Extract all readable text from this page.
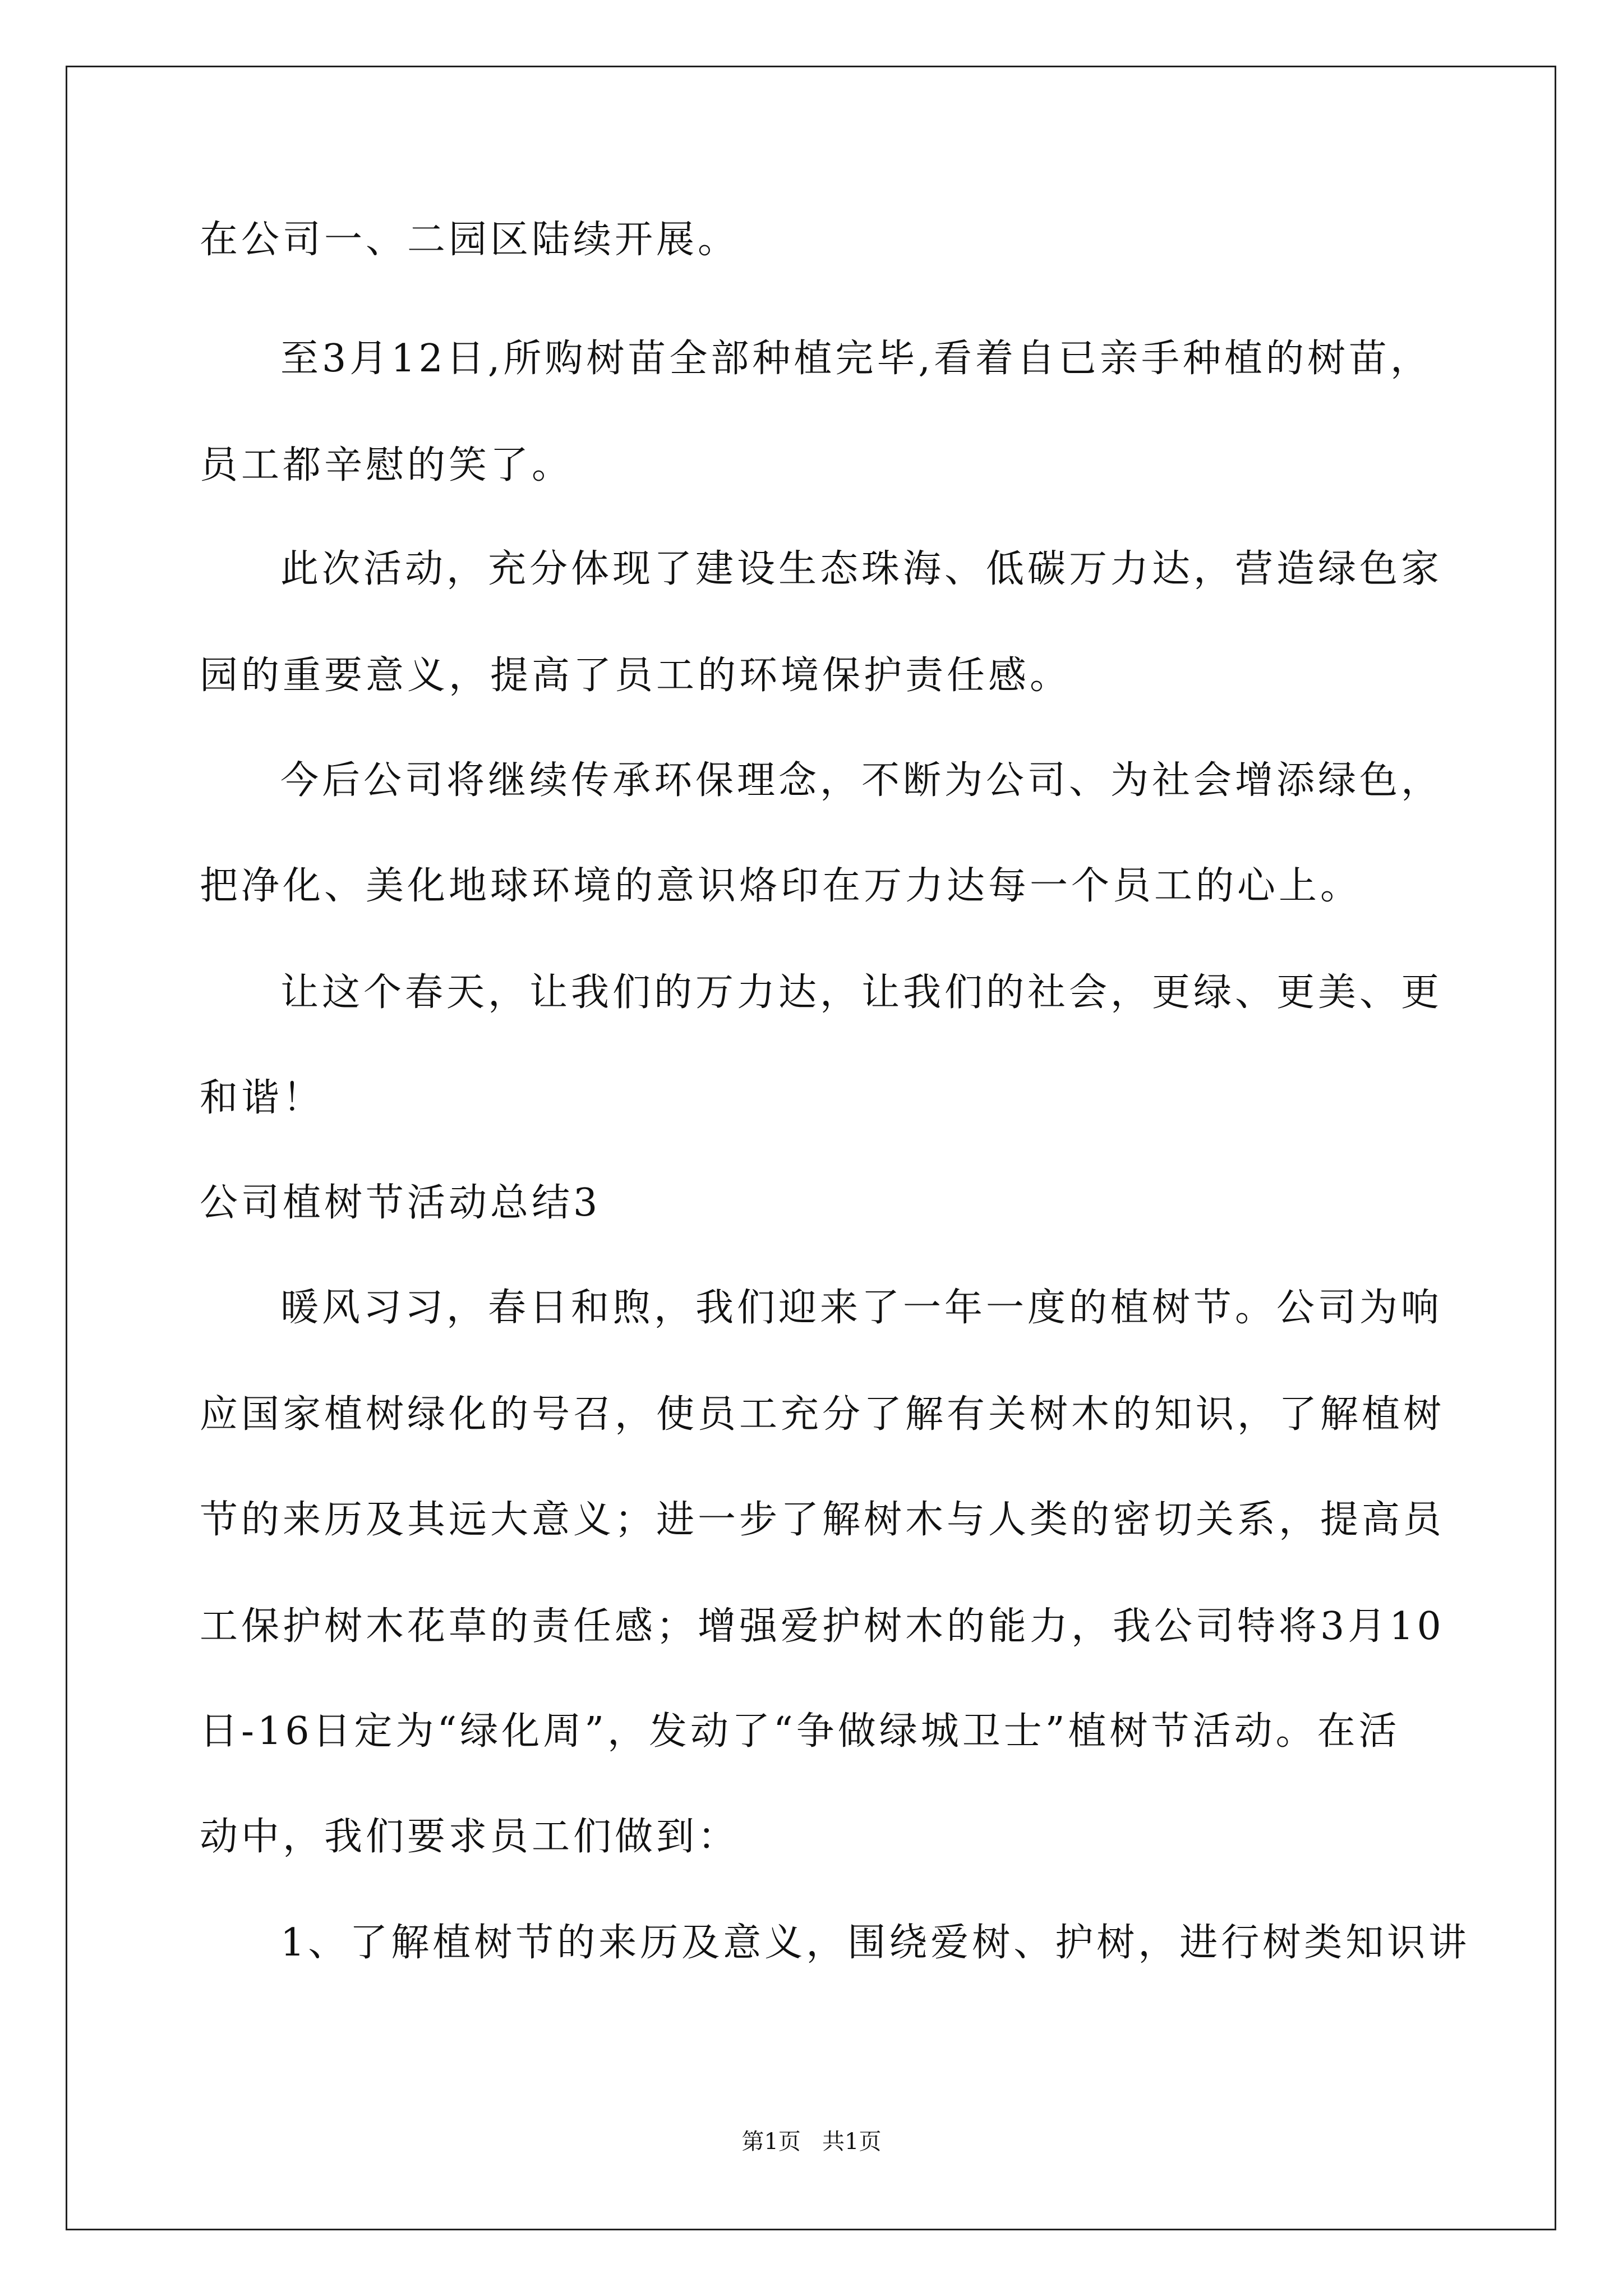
在公司一、二园区陆续开展。
至3月12日,所购树苗全部种植完毕,看着自已亲手种植的树苗，
员工都辛慰的笑了。
此次活动，充分体现了建设生态珠海、低碳万力达，营造绿色家
园的重要意义，提高了员工的环境保护责任感。
今后公司将继续传承环保理念，不断为公司、为社会增添绿色，
把净化、美化地球环境的意识烙印在万力达每一个员工的心上。
让这个春天，让我们的万力达，让我们的社会，更绿、更美、更
和谐！
公司植树节活动总结3
暖风习习，春日和煦，我们迎来了一年一度的植树节。公司为响
应国家植树绿化的号召，使员工充分了解有关树木的知识，了解植树
节的来历及其远大意义；进一步了解树木与人类的密切关系，提高员
工保护树木花草的责任感；增强爱护树木的能力，我公司特将3月10
日-16日定为“绿化周”，发动了“争做绿城卫士”植树节活动。在活
动中，我们要求员工们做到：
1、了解植树节的来历及意义，围绕爱树、护树，进行树类知识讲
第1页   共1页
